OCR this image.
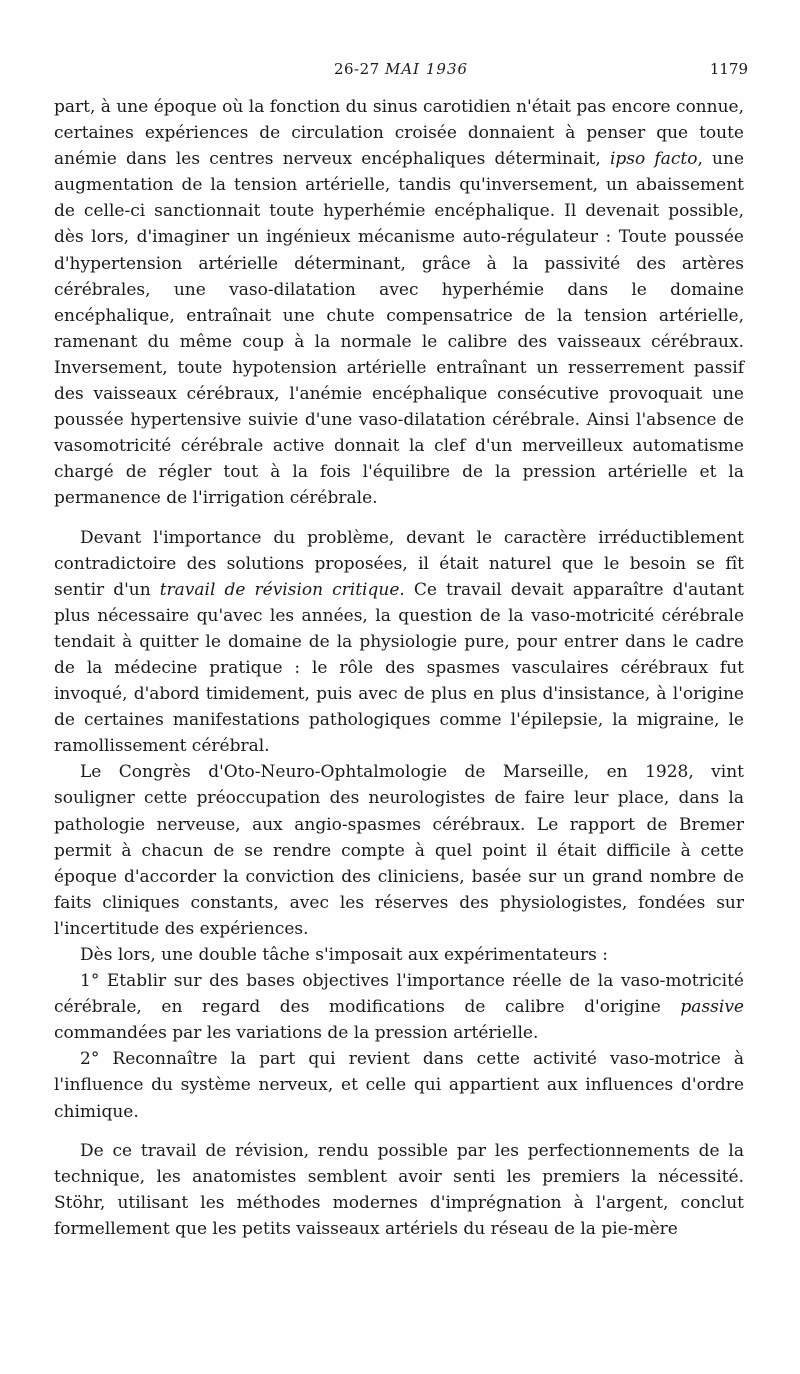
26-27 MAI 1936	1179

part, à une époque où la fonction du sinus carotidien n'était pas encore connue, certaines expériences de circulation croisée donnaient à penser que toute anémie dans les centres nerveux encéphaliques déterminait, ipso facto, une augmentation de la tension artérielle, tandis qu'inversement, un abaissement de celle-ci sanctionnait toute hyperhémie encéphalique. Il devenait possible, dès lors, d'imaginer un ingénieux mécanisme auto-régulateur : Toute poussée d'hypertension artérielle déterminant, grâce à la passivité des artères cérébrales, une vaso-dilatation avec hyperhémie dans le domaine encéphalique, entraînait une chute compensatrice de la tension artérielle, ramenant du même coup à la normale le calibre des vaisseaux cérébraux. Inversement, toute hypotension artérielle entraînant un resserrement passif des vaisseaux cérébraux, l'anémie encéphalique consécutive provoquait une poussée hypertensive suivie d'une vaso-dilatation cérébrale. Ainsi l'absence de vasomotricité cérébrale active donnait la clef d'un merveilleux automatisme chargé de régler tout à la fois l'équilibre de la pression artérielle et la permanence de l'irrigation cérébrale.

Devant l'importance du problème, devant le caractère irréductiblement contradictoire des solutions proposées, il était naturel que le besoin se fît sentir d'un travail de révision critique. Ce travail devait apparaître d'autant plus nécessaire qu'avec les années, la question de la vaso-motricité cérébrale tendait à quitter le domaine de la physiologie pure, pour entrer dans le cadre de la médecine pratique : le rôle des spasmes vasculaires cérébraux fut invoqué, d'abord timidement, puis avec de plus en plus d'insistance, à l'origine de certaines manifestations pathologiques comme l'épilepsie, la migraine, le ramollissement cérébral.

Le Congrès d'Oto-Neuro-Ophtalmologie de Marseille, en 1928, vint souligner cette préoccupation des neurologistes de faire leur place, dans la pathologie nerveuse, aux angio-spasmes cérébraux. Le rapport de Bremer permit à chacun de se rendre compte à quel point il était difficile à cette époque d'accorder la conviction des cliniciens, basée sur un grand nombre de faits cliniques constants, avec les réserves des physiologistes, fondées sur l'incertitude des expériences.

Dès lors, une double tâche s'imposait aux expérimentateurs :

1° Etablir sur des bases objectives l'importance réelle de la vaso-motricité cérébrale, en regard des modifications de calibre d'origine passive commandées par les variations de la pression artérielle.

2° Reconnaître la part qui revient dans cette activité vaso-motrice à l'influence du système nerveux, et celle qui appartient aux influences d'ordre chimique.

De ce travail de révision, rendu possible par les perfectionnements de la technique, les anatomistes semblent avoir senti les premiers la nécessité. Stöhr, utilisant les méthodes modernes d'imprégnation à l'argent, conclut formellement que les petits vaisseaux artériels du réseau de la pie-mère
